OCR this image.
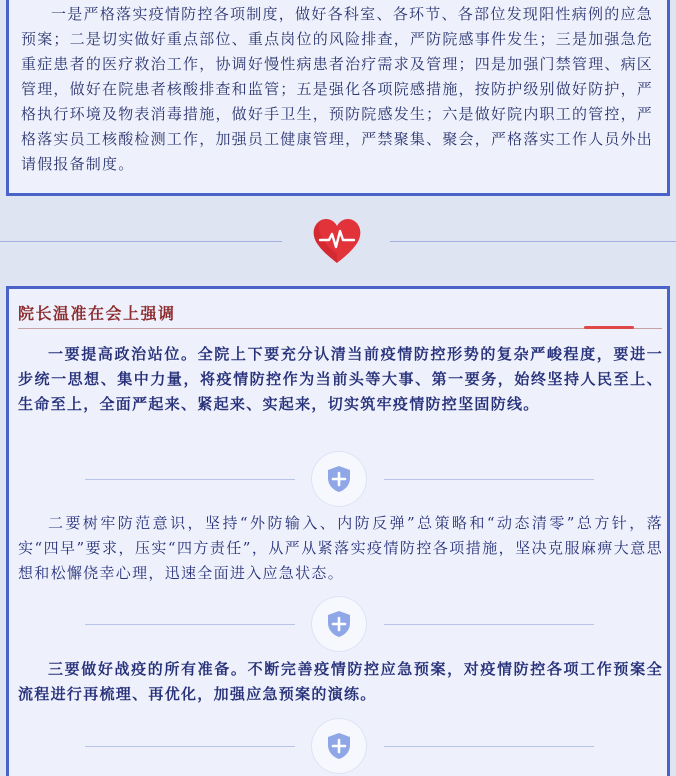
一是严格落实疫情防控各项制度，做好各科室、各环节、各部位发现阳性病例的应急预案；二是切实做好重点部位、重点岗位的风险排查，严防院感事件发生；三是加强急危重症患者的医疗救治工作，协调好慢性病患者治疗需求及管理；四是加强门禁管理、病区管理，做好在院患者核酸排查和监管；五是强化各项院感措施，按防护级别做好防护，严格执行环境及物表消毒措施，做好手卫生，预防院感发生；六是做好院内职工的管控，严格落实员工核酸检测工作，加强员工健康管理，严禁聚集、聚会，严格落实工作人员外出请假报备制度。

院长温准在会上强调

一要提高政治站位。全院上下要充分认清当前疫情防控形势的复杂严峻程度，要进一步统一思想、集中力量，将疫情防控作为当前头等大事、第一要务，始终坚持人民至上、生命至上，全面严起来、紧起来、实起来，切实筑牢疫情防控坚固防线。

二要树牢防范意识，坚持“外防输入、内防反弹”总策略和“动态清零”总方针，落实“四早”要求，压实“四方责任”，从严从紧落实疫情防控各项措施，坚决克服麻痹大意思想和松懈侥幸心理，迅速全面进入应急状态。

三要做好战疫的所有准备。不断完善疫情防控应急预案，对疫情防控各项工作预案全流程进行再梳理、再优化，加强应急预案的演练。
